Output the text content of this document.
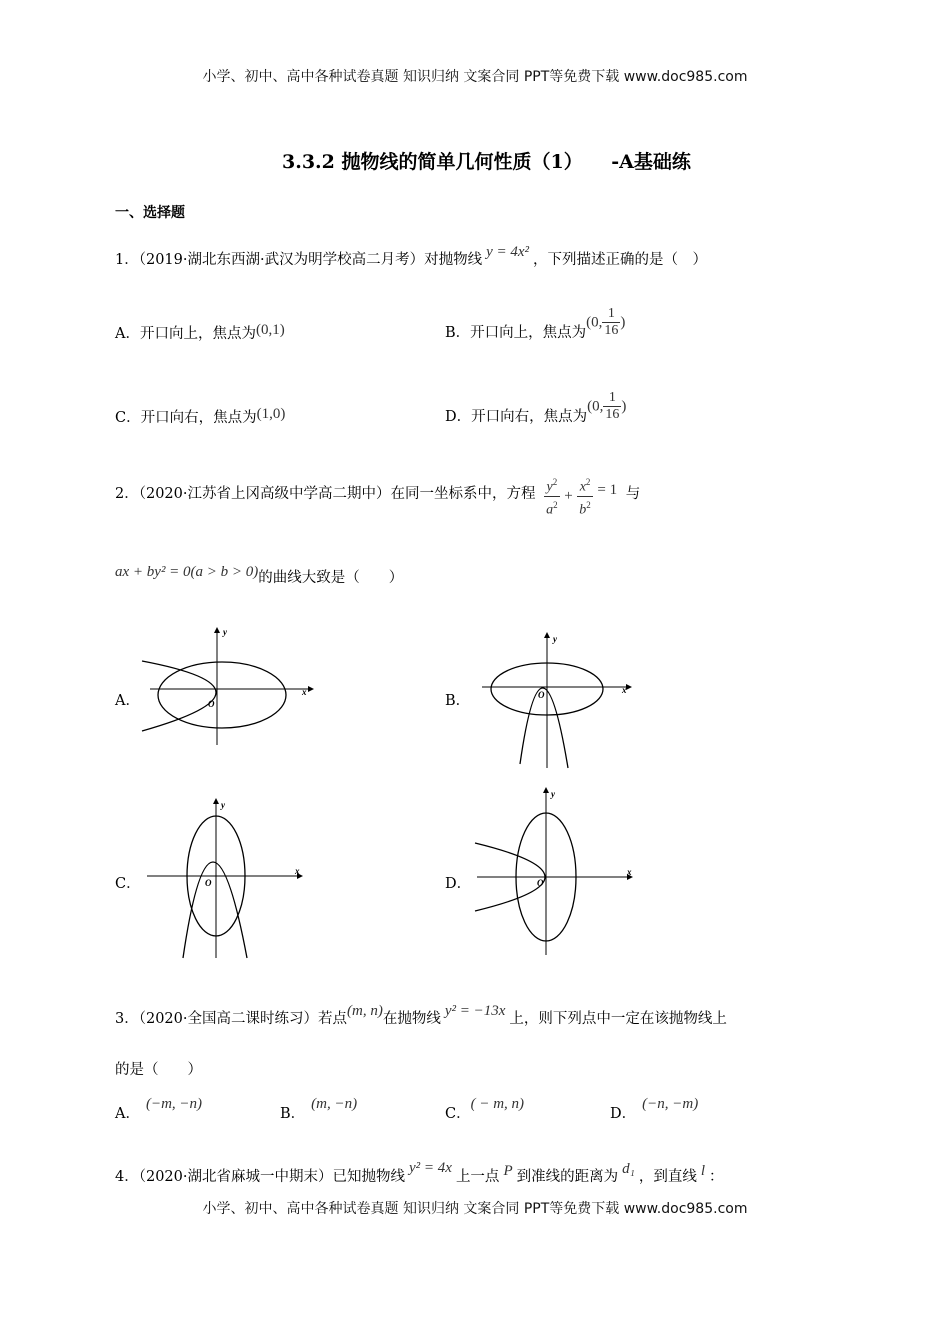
小学、初中、高中各种试卷真题 知识归纳 文案合同 PPT等免费下载 www.doc985.com
3.3.2 抛物线的简单几何性质（1）　　-A基础练
一、选择题
1．（2019·湖北东西湖·武汉为明学校高二月考）对抛物线 y = 4x² ，下列描述正确的是（　）
A．开口向上，焦点为(0,1)	B．开口向上，焦点为(0, $\frac{1}{16}$ )
C．开口向右，焦点为(1,0)	D．开口向右，焦点为(0, $\frac{1}{16}$ )
2．（2020·江苏省上冈高级中学高二期中）在同一坐标系中，方程 $\frac{y^2}{a^2} + \frac{x^2}{b^2} = 1$ 与
ax + by² = 0(a > b > 0)的曲线大致是（　　）
A．
x
y
O	B．
x
y
O
C．
x
y
O	D．
x
y
O
3．（2020·全国高二课时练习）若点(m, n)在抛物线 y² = −13x 上，则下列点中一定在该抛物线上
的是（　　）
A．(−m, −n)
B．(m, −n)
C．( − m, n)
D．(−n, −m)
4．（2020·湖北省麻城一中期末）已知抛物线y² = 4x上一点 P 到准线的距离为 d₁ ，到直线 l ：
小学、初中、高中各种试卷真题 知识归纳 文案合同 PPT等免费下载 www.doc985.com
